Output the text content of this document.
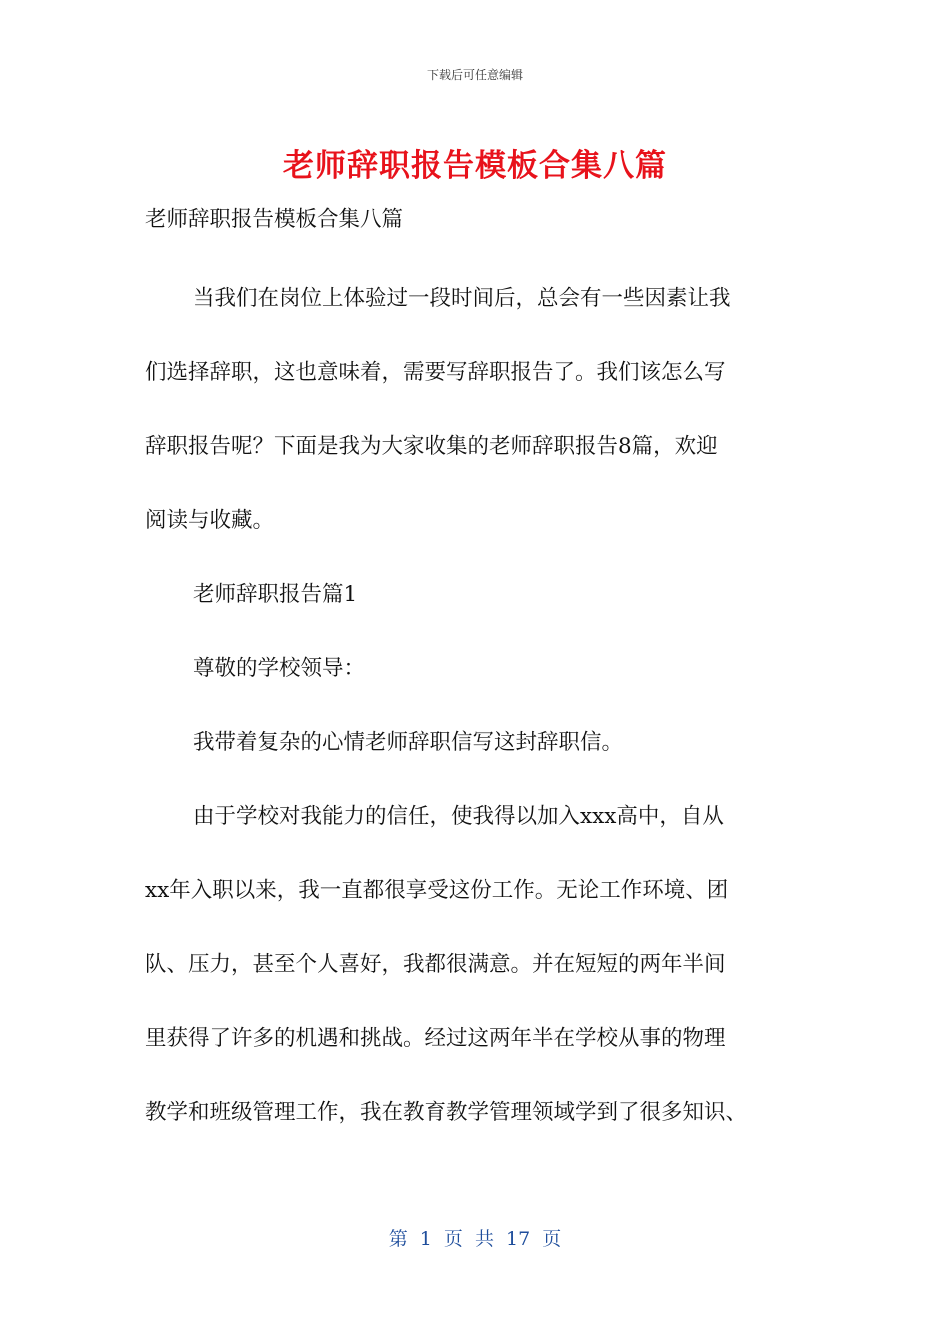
下载后可任意编辑
老师辞职报告模板合集八篇
老师辞职报告模板合集八篇
当我们在岗位上体验过一段时间后，总会有一些因素让我
们选择辞职，这也意味着，需要写辞职报告了。我们该怎么写
辞职报告呢？下面是我为大家收集的老师辞职报告8篇，欢迎
阅读与收藏。
老师辞职报告篇1
尊敬的学校领导：
我带着复杂的心情老师辞职信写这封辞职信。
由于学校对我能力的信任，使我得以加入xxx高中，自从
xx年入职以来，我一直都很享受这份工作。无论工作环境、团
队、压力，甚至个人喜好，我都很满意。并在短短的两年半间
里获得了许多的机遇和挑战。经过这两年半在学校从事的物理
教学和班级管理工作，我在教育教学管理领域学到了很多知识、
第 1 页 共 17 页
